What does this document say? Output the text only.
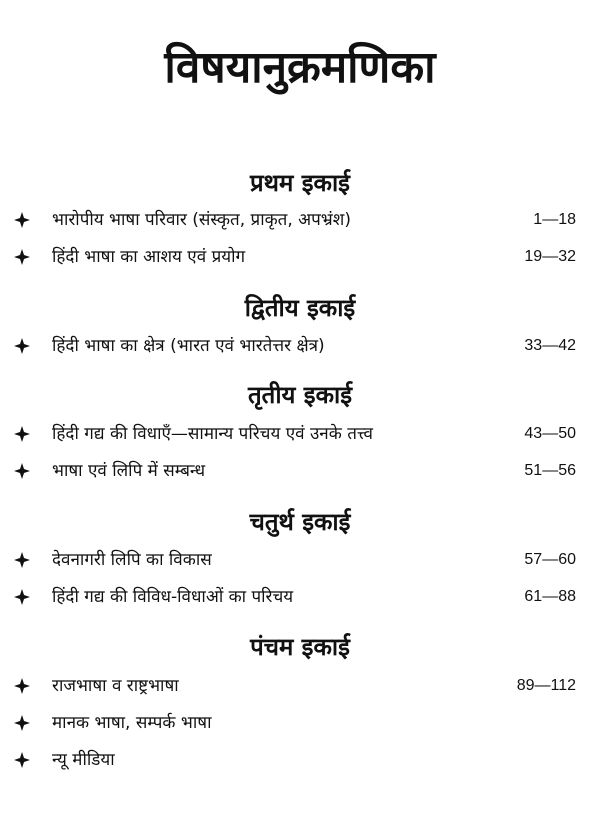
विषयानुक्रमणिका
प्रथम इकाई
भारोपीय भाषा परिवार (संस्कृत, प्राकृत, अपभ्रंश)	1—18
हिंदी भाषा का आशय एवं प्रयोग	19—32
द्वितीय इकाई
हिंदी भाषा का क्षेत्र (भारत एवं भारतेत्तर क्षेत्र)	33—42
तृतीय इकाई
हिंदी गद्य की विधाएँ—सामान्य परिचय एवं उनके तत्त्व	43—50
भाषा एवं लिपि में सम्बन्ध	51—56
चतुर्थ इकाई
देवनागरी लिपि का विकास	57—60
हिंदी गद्य की विविध-विधाओं का परिचय	61—88
पंचम इकाई
राजभाषा व राष्ट्रभाषा	89—112
मानक भाषा, सम्पर्क भाषा
न्यू मीडिया
